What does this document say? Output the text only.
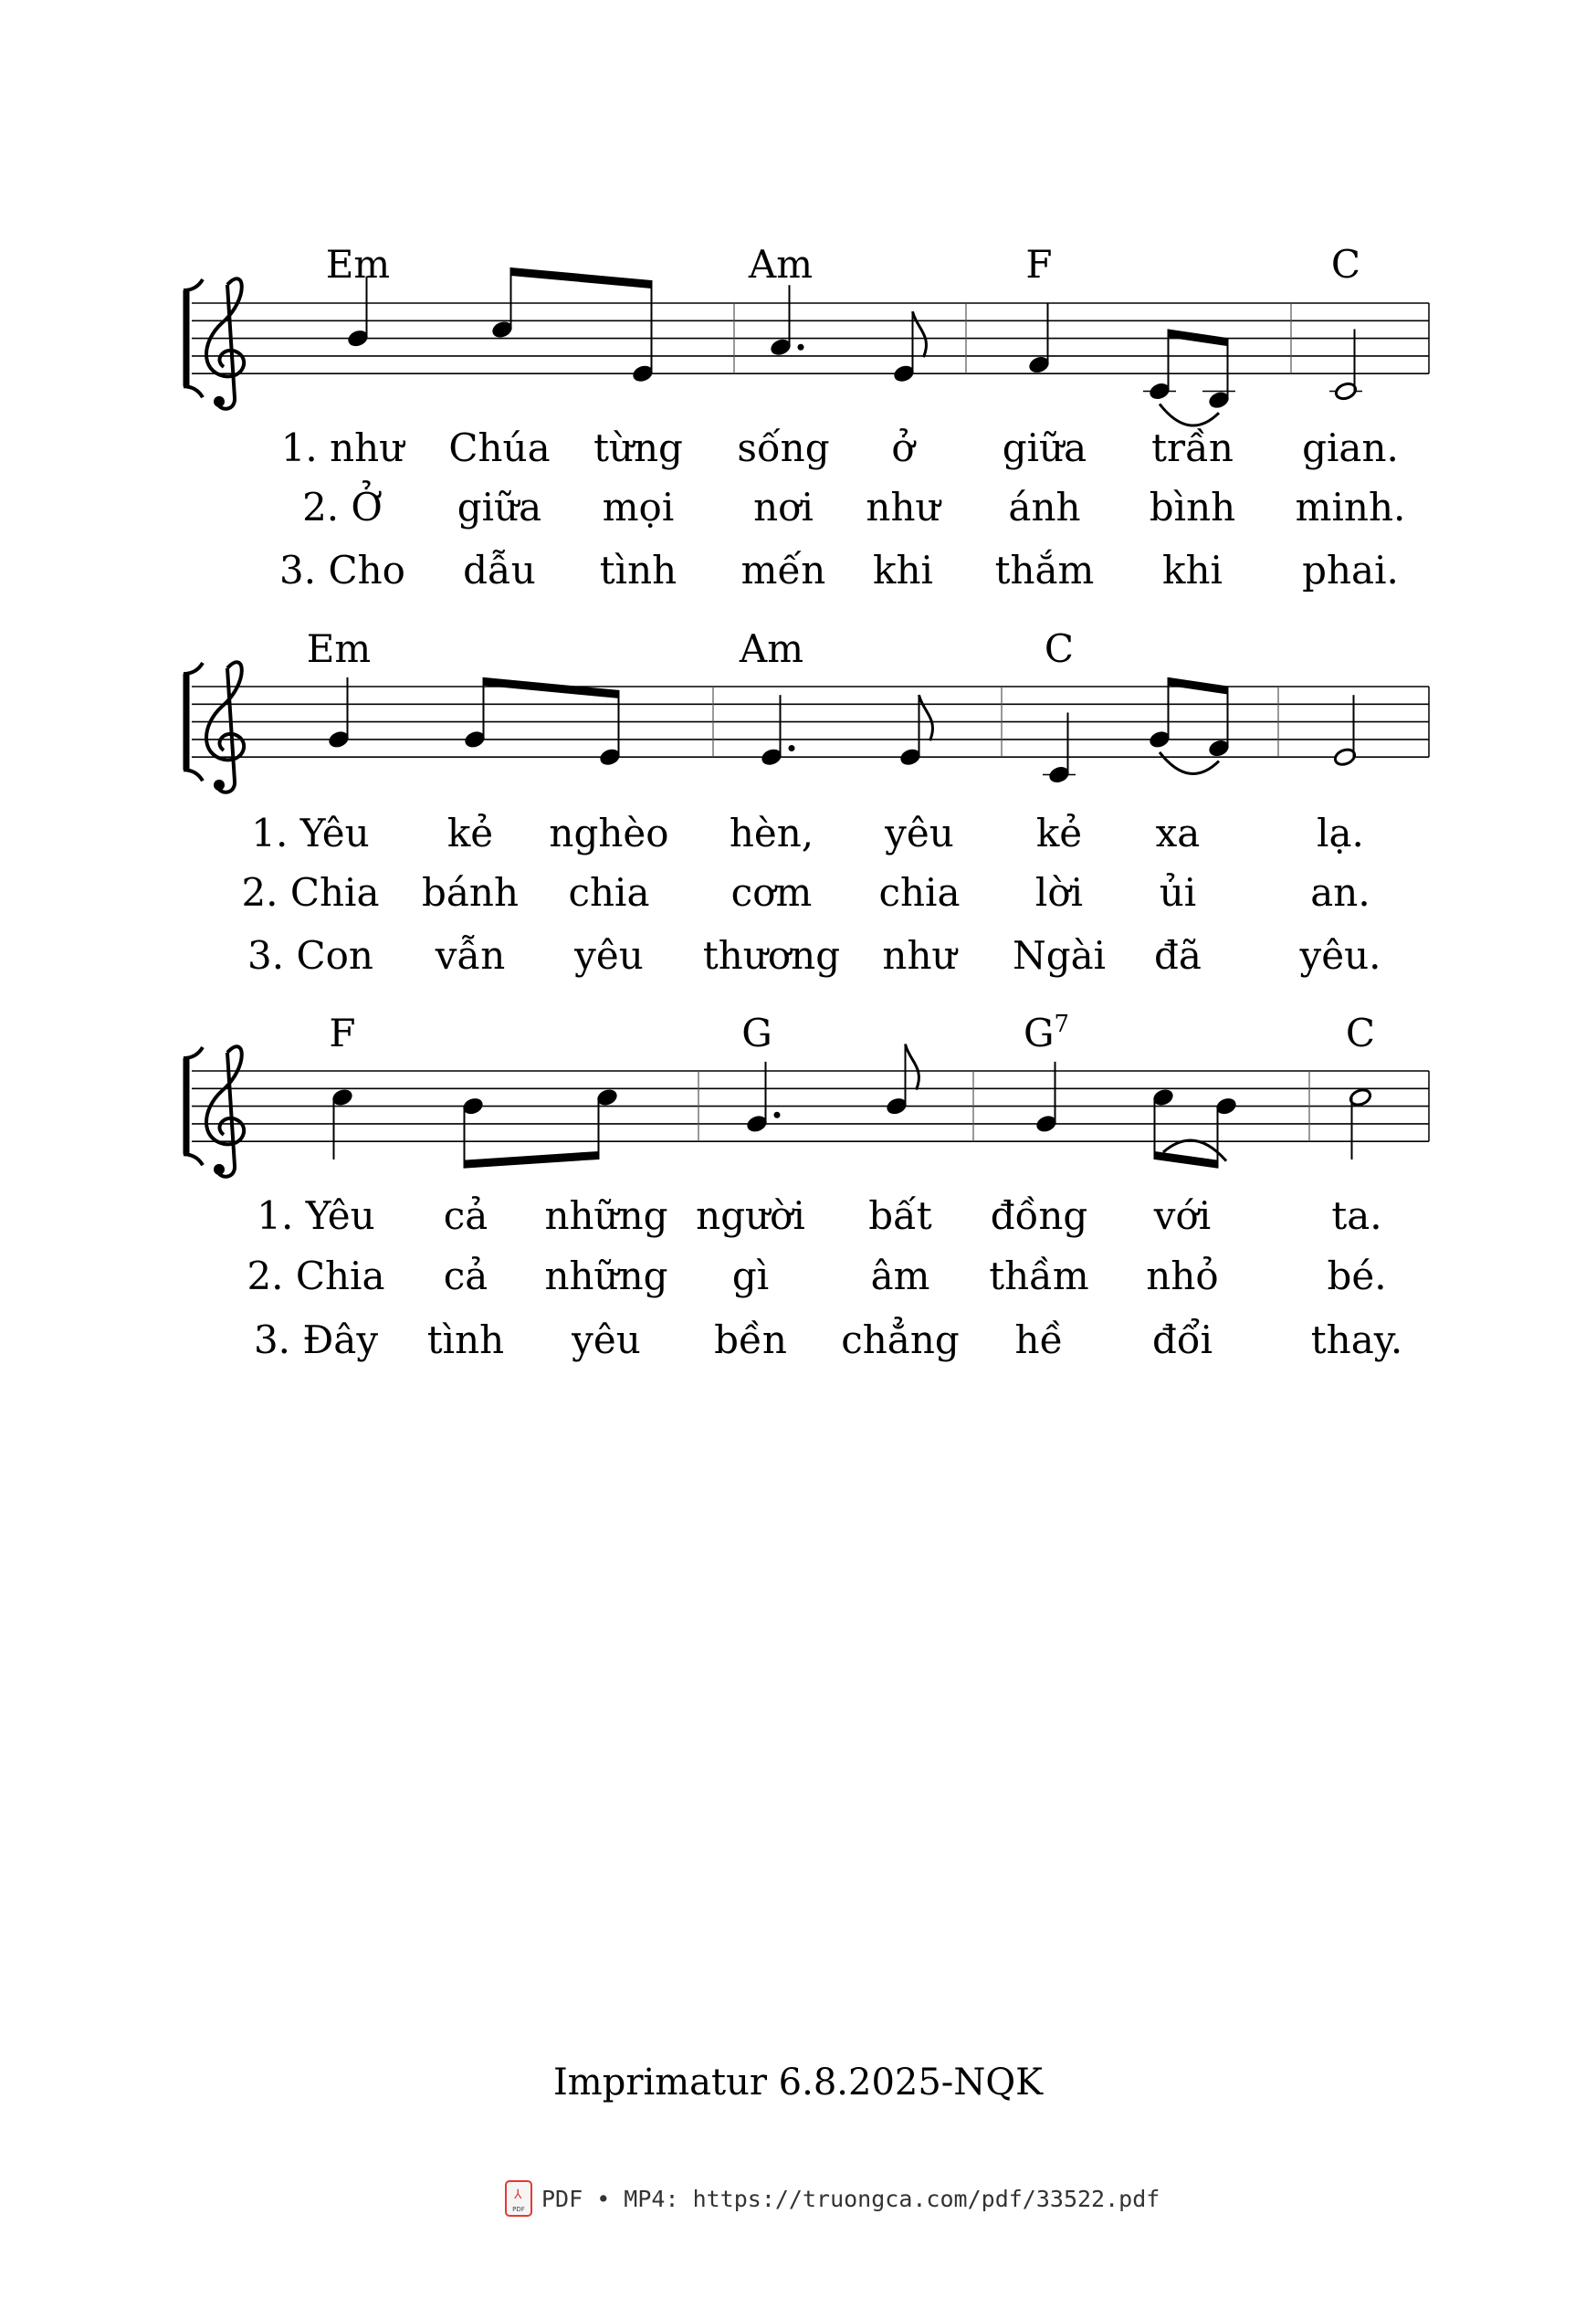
Em	Am	F	C
1. như Chúa từng sống ở giữa trần gian.
2. Ở giữa mọi nơi như ánh bình minh.
3. Cho dẫu tình mến khi thắm khi phai.
Em	Am	C
1. Yêu kẻ nghèo hèn, yêu kẻ xa	lạ.
2. Chia bánh chia cơm chia lời ủi	an.
3. Con vẫn yêu thương như Ngài đã	yêu.
F	G	$G^7$	C
1. Yêu cả những người bất đồng với	ta.
2. Chia cả những gì	âm thầm nhỏ	bé.
3. Đây tình yêu bền chẳng hề đổi	thay.
Imprimatur 6.8.2025-NQK
⅄
PDF PDF • MP4: https://truongca.com/pdf/33522.pdf
